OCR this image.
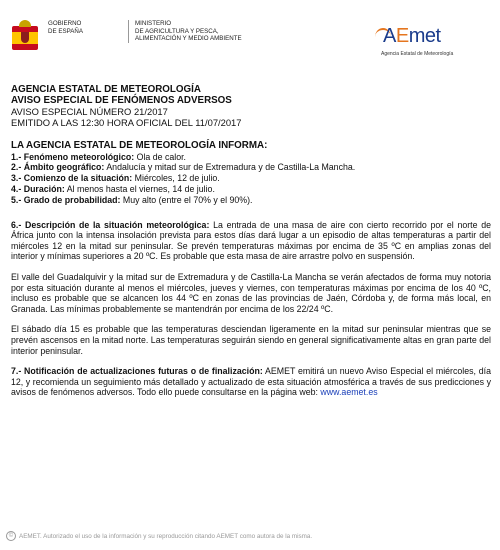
GOBIERNO
DE ESPAÑA
MINISTERIO
DE AGRICULTURA Y PESCA,
ALIMENTACIÓN Y MEDIO AMBIENTE	AEmet
Agencia Estatal de Meteorología
AGENCIA ESTATAL DE METEOROLOGÍA
AVISO ESPECIAL DE FENÓMENOS ADVERSOS
AVISO ESPECIAL NÚMERO 21/2017
EMITIDO A LAS 12:30 HORA OFICIAL DEL 11/07/2017
LA AGENCIA ESTATAL DE METEOROLOGÍA INFORMA:
1.- Fenómeno meteorológico: Ola de calor.
2.- Ámbito geográfico: Andalucía y mitad sur de Extremadura y de Castilla-La Mancha.
3.- Comienzo de la situación: Miércoles, 12 de julio.
4.- Duración: Al menos hasta el viernes, 14 de julio.
5.- Grado de probabilidad: Muy alto (entre el 70% y el 90%).
6.- Descripción de la situación meteorológica: La entrada de una masa de aire con cierto recorrido por el norte de África junto con la intensa insolación prevista para estos días dará lugar a un episodio de altas temperaturas a partir del miércoles 12 en la mitad sur peninsular. Se prevén temperaturas máximas por encima de 35 ºC en amplias zonas del interior y mínimas superiores a 20 ºC. Es probable que esta masa de aire arrastre polvo en suspensión.
El valle del Guadalquivir y la mitad sur de Extremadura y de Castilla-La Mancha se verán afectados de forma muy notoria por esta situación durante al menos el miércoles, jueves y viernes, con temperaturas máximas por encima de los 40 ºC, incluso es probable que se alcancen los 44 ºC en zonas de las provincias de Jaén, Córdoba y, de forma más local, en Granada. Las mínimas probablemente se mantendrán por encima de los 22/24 ºC.
El sábado día 15 es probable que las temperaturas desciendan ligeramente en la mitad sur peninsular mientras que se prevén ascensos en la mitad norte. Las temperaturas seguirán siendo en general significativamente altas en gran parte del interior peninsular.
7.- Notificación de actualizaciones futuras o de finalización: AEMET emitirá un nuevo Aviso Especial el miércoles, día 12, y recomienda un seguimiento más detallado y actualizado de esta situación atmosférica a través de sus predicciones y avisos de fenómenos adversos. Todo ello puede consultarse en la página web: www.aemet.es
© AEMET. Autorizado el uso de la información y su reproducción citando AEMET como autora de la misma.
